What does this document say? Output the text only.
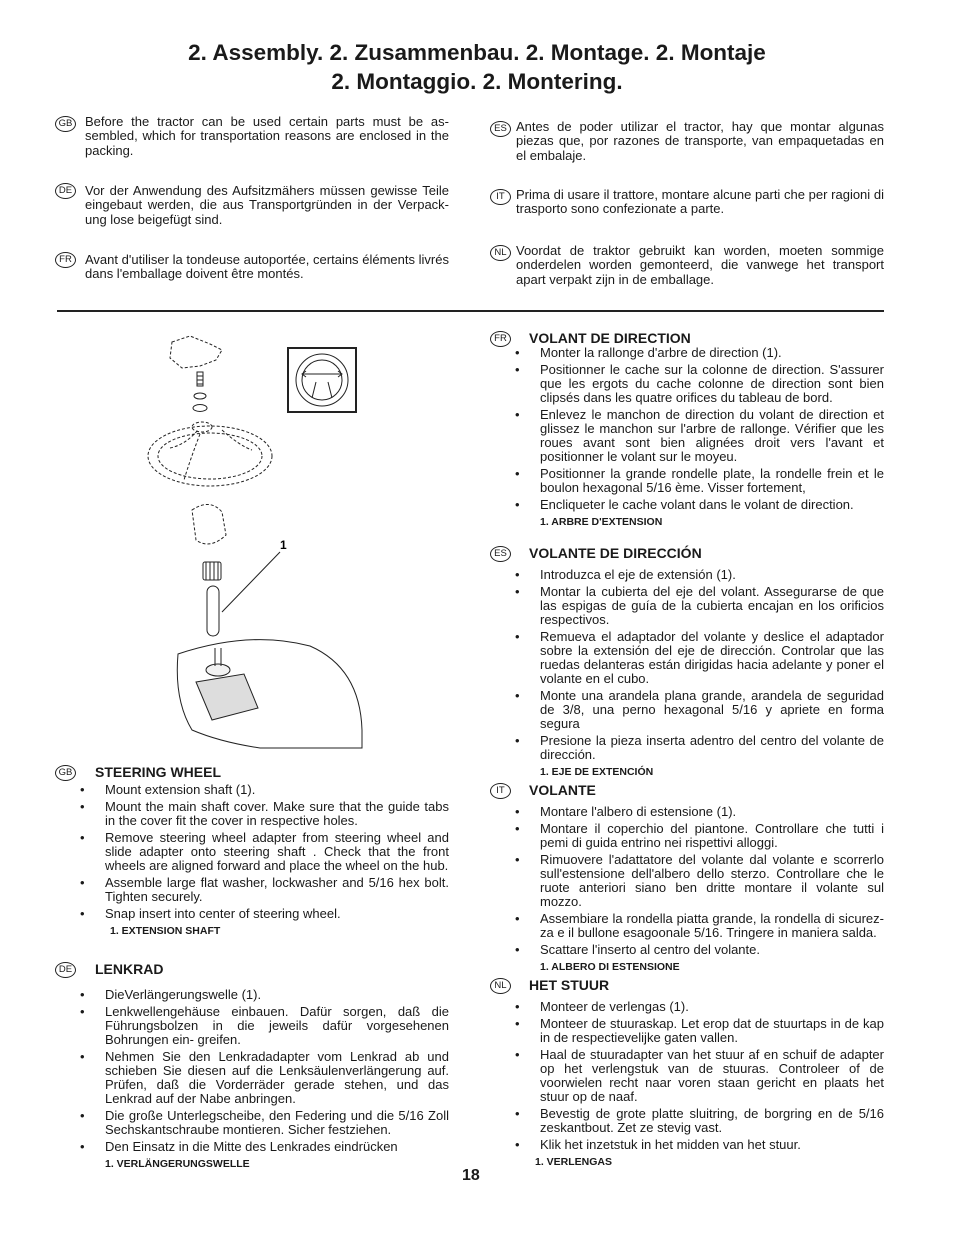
2. Assembly. 2. Zusammenbau. 2. Montage. 2. Montaje
2. Montaggio. 2. Montering.
GB Before the tractor can be used certain parts must be assembled, which for transportation reasons are enclosed in the packing.
DE Vor der Anwendung des Aufsitzmähers müssen gewisse Teile eingebaut werden, die aus Transportgründen in der Verpack-ung lose beigefügt sind.
FR	Avant d'utiliser la tondeuse autoportée, certains éléments livrés dans l'emballage doivent être montés.
ES Antes de poder utilizar el tractor, hay que montar algunas piezas que, por razones de transporte, van empaquetadas en el embalaje.
IT Prima di usare il trattore, montare alcune parti che per ragioni di trasporto sono confezionate a parte.
NL Voordat de traktor gebruikt kan worden, moeten sommige onderdelen worden gemonteerd, die vanwege het transport apart verpakt zijn in de emballage.
1
GB	STEERING WHEEL
• Mount extension shaft (1).
• Mount the main shaft cover. Make sure that the guide tabs in the cover fit the cover in respective holes.
• Remove steering wheel adapter from steering wheel and slide adapter onto steering shaft . Check that the front wheels are aligned forward and place the wheel on the hub.
• Assemble large flat washer, lockwasher and 5/16 hex bolt. Tighten securely.
• Snap insert into center of steering wheel.
1. EXTENSION SHAFT
DE	LENKRAD
• DieVerlängerungswelle (1).
• Lenkwellengehäuse einbauen. Dafür sorgen, daß die Führungsbolzen in die jeweils dafür vorgesehenen Bohrungen ein- greifen.
• Nehmen Sie den Lenkradadapter vom Lenkrad ab und schieben Sie diesen auf die Lenksäulenverlängerung auf. Prüfen, daß die Vorderräder gerade stehen, und das Lenkrad auf der Nabe anbringen.
• Die große Unterlegscheibe, den Federing und die 5/16 Zoll Sechskantschraube montieren. Sicher festziehen.
• Den Einsatz in die Mitte des Lenkrades eindrücken
1. VERLÄNGERUNGSWELLE
FR	VOLANT DE DIRECTION
• Monter la rallonge d'arbre de direction (1).
• Positionner le cache sur la colonne de direction. S'assurer que les ergots du cache colonne de direction sont bien clipsés dans les quatre orifices du tableau de bord.
• Enlevez le manchon de direction du volant de direction et glissez le manchon sur l'arbre de rallonge. Vérifier que les roues avant sont bien alignées droit vers l'avant et positionner le volant sur le moyeu.
• Positionner la grande rondelle plate, la rondelle frein et le boulon hexagonal 5/16 ème. Visser fortement,
• Encliqueter le cache volant dans le volant de direction.
1. ARBRE D'EXTENSION
ES	VOLANTE DE DIRECCIÓN
• Introduzca el eje de extensión (1).
• Montar la cubierta del eje del volant. Assegurarse de que las espigas de guía de la cubierta encajan en los orificios respectivos.
• Remueva el adaptador del volante y deslice el adaptador sobre la extensión del eje de dirección. Controlar que las ruedas delanteras están dirigidas hacia adelante y poner el volante en el cubo.
• Monte una arandela plana grande, arandela de seguridad de 3/8, una perno hexagonal 5/16 y apriete en forma segura
• Presione la pieza inserta adentro del centro del volante de dirección.
1. EJE DE EXTENCIÓN
IT	VOLANTE
• Montare l'albero di estensione (1).
• Montare il coperchio del piantone. Controllare che tutti i pemi di guida entrino nei rispettivi alloggi.
• Rimuovere l'adattatore del volante dal volante e scorrerlo sull'estensione dell'albero dello sterzo. Controllare che le ruote anteriori siano ben dritte montare il volante sul mozzo.
• Assembiare la rondella piatta grande, la rondella di sicurezza e il bullone esagoonale 5/16. Tringere in maniera saldа.
• Scattare l'inserto al centro del volante.
1. ALBERO DI ESTENSIONE
NL	HET STUUR
• Monteer de verlengas (1).
• Monteer de stuuraskap. Let erop dat de stuurtaps in de kap in de respectievelijke gaten vallen.
• Haal de stuuradapter van het stuur af en schuif de adapter op het verlengstuk van de stuuras. Controleer of de voorwielen recht naar voren staan gericht en plaats het stuur op de naaf.
• Bevestig de grote platte sluitring, de borgring en de 5/16 zeskantbout. Zet ze stevig vast.
• Klik het inzetstuk in het midden van het stuur.
1. VERLENGAS
18
